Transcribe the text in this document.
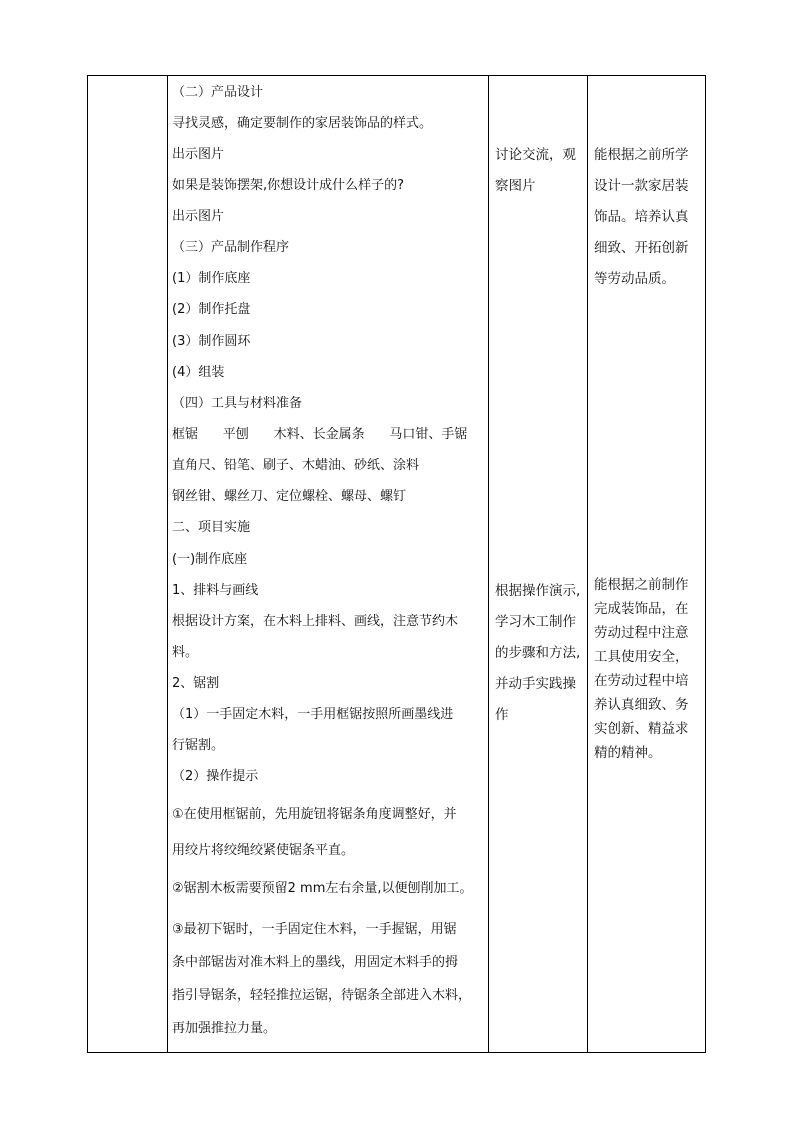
（二）产品设计
寻找灵感，确定要制作的家居装饰品的样式。
出示图片
如果是装饰摆架,你想设计成什么样子的?
出示图片
（三）产品制作程序
(1）制作底座
(2）制作托盘
(3）制作圆环
(4）组装
（四）工具与材料准备
框锯      平刨      木料、长金属条      马口钳、手锯
直角尺、铅笔、刷子、木蜡油、砂纸、涂料
钢丝钳、螺丝刀、定位螺栓、螺母、螺钉
二、项目实施
(一)制作底座
1、排料与画线
根据设计方案，在木料上排料、画线，注意节约木
料。
2、锯割
（1）一手固定木料，一手用框锯按照所画墨线进
行锯割。
（2）操作提示
①在使用框锯前，先用旋钮将锯条角度调整好，并
用绞片将绞绳绞紧使锯条平直。
②锯割木板需要预留2 mm左右余量,以便刨削加工。
③最初下锯时，一手固定住木料，一手握锯，用锯
条中部锯齿对准木料上的墨线，用固定木料手的拇
指引导锯条，轻轻推拉运锯，待锯条全部进入木料，
再加强推拉力量。
讨论交流，观
察图片
根据操作演示,
学习木工制作
的步骤和方法,
并动手实践操
作
能根据之前所学
设计一款家居装
饰品。培养认真
细致、开拓创新
等劳动品质。
能根据之前制作
完成装饰品，在
劳动过程中注意
工具使用安全，
在劳动过程中培
养认真细致、务
实创新、精益求
精的精神。
